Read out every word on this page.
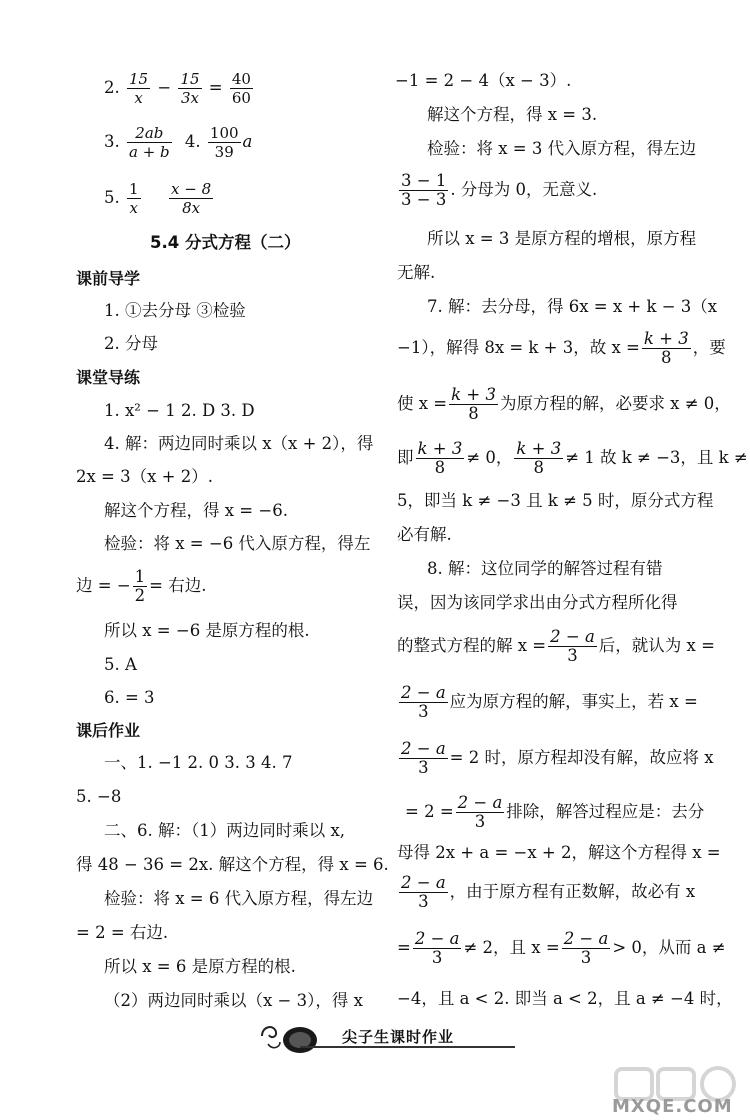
2. $\frac{15}{x} - \frac{15}{3x} = \frac{40}{60}$
3. $\frac{2ab}{a + b} 4$. $\frac{100}{39}$ a
5. $\frac{1}{x}$
$\frac{x - 8}{8x}$
5.4 分式方程（二）
课前导学
1. ①去分母 ③检验
2. 分母
课堂导练
1. x² − 1 2. D 3. D
4. 解：两边同时乘以 x（x + 2），得
2x = 3（x + 2）.
解这个方程，得 x = −6.
检验：将 x = −6 代入原方程，得左
边 = − $\frac{1}{2}$ = 右边.
所以 x = −6 是原方程的根.
5. A
6. = 3
课后作业
一、1. −1 2. 0 3. 3 4. 7
5. −8
二、6. 解：（1）两边同时乘以 x,
得 48 − 36 = 2x. 解这个方程，得 x = 6.
检验：将 x = 6 代入原方程，得左边
= 2 = 右边.
所以 x = 6 是原方程的根.
（2）两边同时乘以（x − 3），得 x
−1 = 2 − 4（x − 3）.
解这个方程，得 x = 3.
检验：将 x = 3 代入原方程，得左边
$\frac{3 - 1}{3 - 3}$ . 分母为 0，无意义.
所以 x = 3 是原方程的增根，原方程
无解.
7. 解：去分母，得 6x = x + k − 3（x
−1），解得 8x = k + 3，故 $x = \frac{k + 3}{8}$ ，要
使 $x = \frac{k + 3}{8}$ 为原方程的解，必要求 x ≠ 0，
即 $\frac{k + 3}{8} \ne 0$， $\frac{k + 3}{8} \ne 1$ 故 k ≠ −3，且 k ≠
5，即当 k ≠ −3 且 k ≠ 5 时，原分式方程
必有解.
8. 解：这位同学的解答过程有错
误，因为该同学求出由分式方程所化得
的整式方程的解 $x = \frac{2 - a}{3}$ 后，就认为 x =
$\frac{2 - a}{3}$ 应为原方程的解，事实上，若 x =
$\frac{2 - a}{3} = 2$ 时，原方程却没有解，故应将 x
= $2 = \frac{2 - a}{3}$ 排除，解答过程应是：去分
母得 2x + a = −x + 2，解这个方程得 x =
$\frac{2 - a}{3}$ ，由于原方程有正数解，故必有 x
= $\frac{2 - a}{3} \ne 2$，且 $x = \frac{2 - a}{3} > 0$，从而 a ≠
−4，且 a < 2. 即当 a < 2，且 a ≠ −4 时，
尖子生课时作业
MXQE.COM
